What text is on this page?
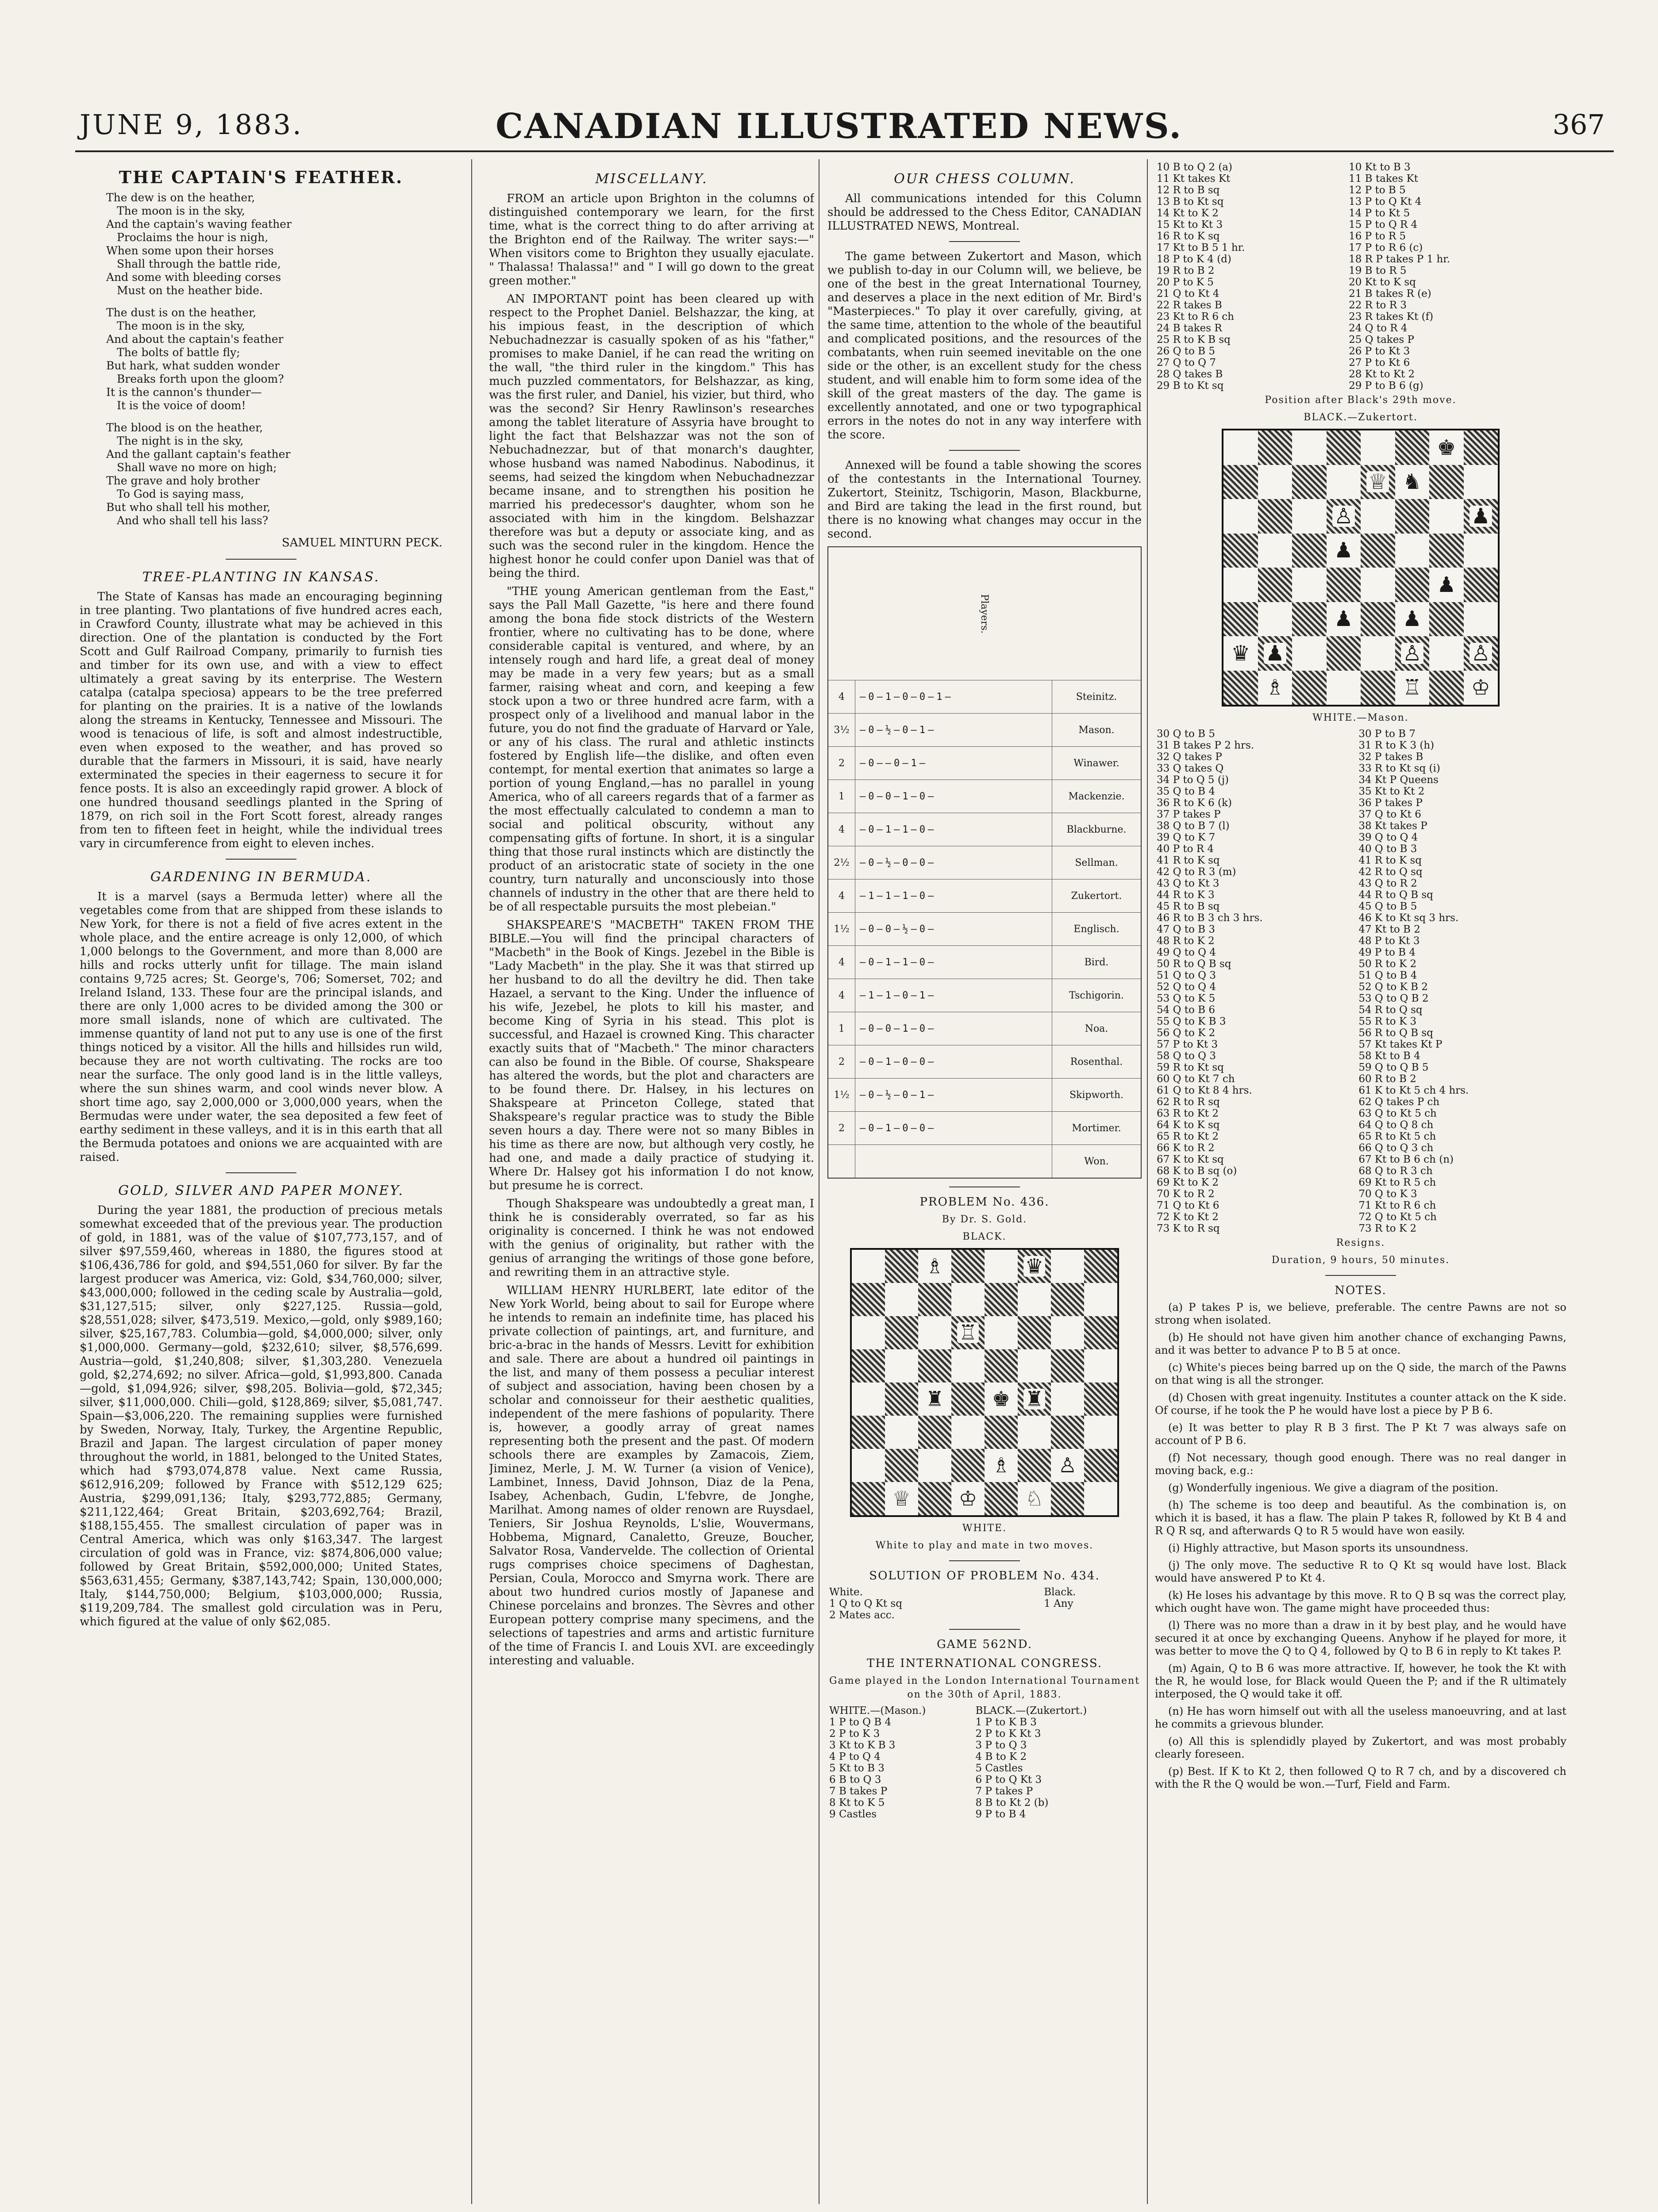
JUNE 9, 1883.	CANADIAN ILLUSTRATED NEWS.	367
THE CAPTAIN'S FEATHER.
The dew is on the heather,
The moon is in the sky,
And the captain's waving feather
Proclaims the hour is nigh,
When some upon their horses
Shall through the battle ride,
And some with bleeding corses
Must on the heather bide.
The dust is on the heather,
The moon is in the sky,
And about the captain's feather
The bolts of battle fly;
But hark, what sudden wonder
Breaks forth upon the gloom?
It is the cannon's thunder—
It is the voice of doom!
The blood is on the heather,
The night is in the sky,
And the gallant captain's feather
Shall wave no more on high;
The grave and holy brother
To God is saying mass,
But who shall tell his mother,
And who shall tell his lass?
SAMUEL MINTURN PECK.
TREE-PLANTING IN KANSAS.

The State of Kansas has made an encouraging beginning in tree planting. Two plantations of five hundred acres each, in Crawford County, illustrate what may be achieved in this direction. One of the plantation is conducted by the Fort Scott and Gulf Railroad Company, primarily to furnish ties and timber for its own use, and with a view to effect ultimately a great saving by its enterprise. The Western catalpa (catalpa speciosa) appears to be the tree preferred for planting on the prairies. It is a native of the lowlands along the streams in Kentucky, Tennessee and Missouri. The wood is tenacious of life, is soft and almost indestructible, even when exposed to the weather, and has proved so durable that the farmers in Missouri, it is said, have nearly exterminated the species in their eagerness to secure it for fence posts. It is also an exceedingly rapid grower. A block of one hundred thousand seedlings planted in the Spring of 1879, on rich soil in the Fort Scott forest, already ranges from ten to fifteen feet in height, while the individual trees vary in circumference from eight to eleven inches.

GARDENING IN BERMUDA.

It is a marvel (says a Bermuda letter) where all the vegetables come from that are shipped from these islands to New York, for there is not a field of five acres extent in the whole place, and the entire acreage is only 12,000, of which 1,000 belongs to the Government, and more than 8,000 are hills and rocks utterly unfit for tillage. The main island contains 9,725 acres; St. George's, 706; Somerset, 702; and Ireland Island, 133. These four are the principal islands, and there are only 1,000 acres to be divided among the 300 or more small islands, none of which are cultivated. The immense quantity of land not put to any use is one of the first things noticed by a visitor. All the hills and hillsides run wild, because they are not worth cultivating. The rocks are too near the surface. The only good land is in the little valleys, where the sun shines warm, and cool winds never blow. A short time ago, say 2,000,000 or 3,000,000 years, when the Bermudas were under water, the sea deposited a few feet of earthy sediment in these valleys, and it is in this earth that all the Bermuda potatoes and onions we are acquainted with are raised.

GOLD, SILVER AND PAPER MONEY.

During the year 1881, the production of precious metals somewhat exceeded that of the previous year. The production of gold, in 1881, was of the value of $107,773,157, and of silver $97,559,460, whereas in 1880, the figures stood at $106,436,786 for gold, and $94,551,060 for silver. By far the largest producer was America, viz: Gold, $34,760,000; silver, $43,000,000; followed in the ceding scale by Australia—gold, $31,127,515; silver, only $227,125. Russia—gold, $28,551,028; silver, $473,519. Mexico,—gold, only $989,160; silver, $25,167,783. Columbia—gold, $4,000,000; silver, only $1,000,000. Germany—gold, $232,610; silver, $8,576,699. Austria—gold, $1,240,808; silver, $1,303,280. Venezuela gold, $2,274,692; no silver. Africa—gold, $1,993,800. Canada—gold, $1,094,926; silver, $98,205. Bolivia—gold, $72,345; silver, $11,000,000. Chili—gold, $128,869; silver, $5,081,747. Spain—$3,006,220. The remaining supplies were furnished by Sweden, Norway, Italy, Turkey, the Argentine Republic, Brazil and Japan. The largest circulation of paper money throughout the world, in 1881, belonged to the United States, which had $793,074,878 value. Next came Russia, $612,916,209; followed by France with $512,129 625; Austria, $299,091,136; Italy, $293,772,885; Germany, $211,122,464; Great Britain, $203,692,764; Brazil, $188,155,455. The smallest circulation of paper was in Central America, which was only $163,347. The largest circulation of gold was in France, viz: $874,806,000 value; followed by Great Britain, $592,000,000; United States, $563,631,455; Germany, $387,143,742; Spain, 130,000,000; Italy, $144,750,000; Belgium, $103,000,000; Russia, $119,209,784. The smallest gold circulation was in Peru, which figured at the value of only $62,085.

MISCELLANY.

FROM an article upon Brighton in the columns of distinguished contemporary we learn, for the first time, what is the correct thing to do after arriving at the Brighton end of the Railway. The writer says:—" When visitors come to Brighton they usually ejaculate. " Thalassa! Thalassa!" and " I will go down to the great green mother."

AN IMPORTANT point has been cleared up with respect to the Prophet Daniel. Belshazzar, the king, at his impious feast, in the description of which Nebuchadnezzar is casually spoken of as his "father," promises to make Daniel, if he can read the writing on the wall, "the third ruler in the kingdom." This has much puzzled commentators, for Belshazzar, as king, was the first ruler, and Daniel, his vizier, but third, who was the second? Sir Henry Rawlinson's researches among the tablet literature of Assyria have brought to light the fact that Belshazzar was not the son of Nebuchadnezzar, but of that monarch's daughter, whose husband was named Nabodinus. Nabodinus, it seems, had seized the kingdom when Nebuchadnezzar became insane, and to strengthen his position he married his predecessor's daughter, whom son he associated with him in the kingdom. Belshazzar therefore was but a deputy or associate king, and as such was the second ruler in the kingdom. Hence the highest honor he could confer upon Daniel was that of being the third.

"THE young American gentleman from the East," says the Pall Mall Gazette, "is here and there found among the bona fide stock districts of the Western frontier, where no cultivating has to be done, where considerable capital is ventured, and where, by an intensely rough and hard life, a great deal of money may be made in a very few years; but as a small farmer, raising wheat and corn, and keeping a few stock upon a two or three hundred acre farm, with a prospect only of a livelihood and manual labor in the future, you do not find the graduate of Harvard or Yale, or any of his class. The rural and athletic instincts fostered by English life—the dislike, and often even contempt, for mental exertion that animates so large a portion of young England,—has no parallel in young America, who of all careers regards that of a farmer as the most effectually calculated to condemn a man to social and political obscurity, without any compensating gifts of fortune. In short, it is a singular thing that those rural instincts which are distinctly the product of an aristocratic state of society in the one country, turn naturally and unconsciously into those channels of industry in the other that are there held to be of all respectable pursuits the most plebeian."

SHAKSPEARE'S "MACBETH" TAKEN FROM THE BIBLE.—You will find the principal characters of "Macbeth" in the Book of Kings. Jezebel in the Bible is "Lady Macbeth" in the play. She it was that stirred up her husband to do all the deviltry he did. Then take Hazael, a servant to the King. Under the influence of his wife, Jezebel, he plots to kill his master, and become King of Syria in his stead. This plot is successful, and Hazael is crowned King. This character exactly suits that of "Macbeth." The minor characters can also be found in the Bible. Of course, Shakspeare has altered the words, but the plot and characters are to be found there. Dr. Halsey, in his lectures on Shakspeare at Princeton College, stated that Shakspeare's regular practice was to study the Bible seven hours a day. There were not so many Bibles in his time as there are now, but although very costly, he had one, and made a daily practice of studying it. Where Dr. Halsey got his information I do not know, but presume he is correct.

Though Shakspeare was undoubtedly a great man, I think he is considerably overrated, so far as his originality is concerned. I think he was not endowed with the genius of originality, but rather with the genius of arranging the writings of those gone before, and rewriting them in an attractive style.

WILLIAM HENRY HURLBERT, late editor of the New York World, being about to sail for Europe where he intends to remain an indefinite time, has placed his private collection of paintings, art, and furniture, and bric-a-brac in the hands of Messrs. Levitt for exhibition and sale. There are about a hundred oil paintings in the list, and many of them possess a peculiar interest of subject and association, having been chosen by a scholar and connoisseur for their aesthetic qualities, independent of the mere fashions of popularity. There is, however, a goodly array of great names representing both the present and the past. Of modern schools there are examples by Zamacois, Ziem, Jiminez, Merle, J. M. W. Turner (a vision of Venice), Lambinet, Inness, David Johnson, Diaz de la Pena, Isabey, Achenbach, Gudin, L'febvre, de Jonghe, Marilhat. Among names of older renown are Ruysdael, Teniers, Sir Joshua Reynolds, L'slie, Wouvermans, Hobbema, Mignard, Canaletto, Greuze, Boucher, Salvator Rosa, Vandervelde. The collection of Oriental rugs comprises choice specimens of Daghestan, Persian, Coula, Morocco and Smyrna work. There are about two hundred curios mostly of Japanese and Chinese porcelains and bronzes. The Sèvres and other European pottery comprise many specimens, and the selections of tapestries and arms and artistic furniture of the time of Francis I. and Louis XVI. are exceedingly interesting and valuable.

OUR CHESS COLUMN.

All communications intended for this Column should be addressed to the Chess Editor, CANADIAN ILLUSTRATED NEWS, Montreal.

The game between Zukertort and Mason, which we publish to-day in our Column will, we believe, be one of the best in the great International Tourney, and deserves a place in the next edition of Mr. Bird's "Masterpieces." To play it over carefully, giving, at the same time, attention to the whole of the beautiful and complicated positions, and the resources of the combatants, when ruin seemed inevitable on the one side or the other, is an excellent study for the chess student, and will enable him to form some idea of the skill of the great masters of the day. The game is excellently annotated, and one or two typographical errors in the notes do not in any way interfere with the score.

Annexed will be found a table showing the scores of the contestants in the International Tourney. Zukertort, Steinitz, Tschigorin, Mason, Blackburne, and Bird are taking the lead in the first round, but there is no knowing what changes may occur in the second.

Players.
4	—0—1—0—0—1—	Steinitz.
3½	—0—½—0—1—	Mason.
2	—0——0—1—	Winawer.
1	—0—0—1—0—	Mackenzie.
4	—0—1—1—0—	Blackburne.
2½	—0—½—0—0—	Sellman.
4	—1—1—1—0—	Zukertort.
1½	—0—0—½—0—	Englisch.
4	—0—1—1—0—	Bird.
4	—1—1—0—1—	Tschigorin.
1	—0—0—1—0—	Noa.
2	—0—1—0—0—	Rosenthal.
1½	—0—½—0—1—	Skipworth.
2	—0—1—0—0—	Mortimer.
Won.
PROBLEM No. 436.
By Dr. S. Gold.
BLACK.
♗	♛
♖
♜ ♚ ♜
♗ ♙
♕ ♔ ♘
WHITE.
White to play and mate in two moves.
SOLUTION OF PROBLEM No. 434.
White.	Black.
1 Q to Q Kt sq	1 Any
2 Mates acc.	
GAME 562ND.
THE INTERNATIONAL CONGRESS.
Game played in the London International Tournament on the 30th of April, 1883.
WHITE.—(Mason.)	BLACK.—(Zukertort.)
1 P to Q B 4	1 P to K B 3
2 P to K 3	2 P to K Kt 3
3 Kt to K B 3	3 P to Q 3
4 P to Q 4	4 B to K 2
5 Kt to B 3	5 Castles
6 B to Q 3	6 P to Q Kt 3
7 B takes P	7 P takes P
8 Kt to K 5	8 B to Kt 2 (b)
9 Castles	9 P to B 4
10 B to Q 2 (a)	10 Kt to B 3
11 Kt takes Kt	11 B takes Kt
12 R to B sq	12 P to B 5
13 B to Kt sq	13 P to Q Kt 4
14 Kt to K 2	14 P to Kt 5
15 Kt to Kt 3	15 P to Q R 4
16 R to K sq	16 P to R 5
17 Kt to B 5 1 hr.	17 P to R 6 (c)
18 P to K 4 (d)	18 R P takes P 1 hr.
19 R to B 2	19 B to R 5
20 P to K 5	20 Kt to K sq
21 Q to Kt 4	21 B takes R (e)
22 R takes B	22 R to R 3
23 Kt to R 6 ch	23 R takes Kt (f)
24 B takes R	24 Q to R 4
25 R to K B sq	25 Q takes P
26 Q to B 5	26 P to Kt 3
27 Q to Q 7	27 P to Kt 6
28 Q takes B	28 Kt to Kt 2
29 B to Kt sq	29 P to B 6 (g)
Position after Black's 29th move.
BLACK.—Zukertort.
♚
♕ ♞
♙	♟
♟
♟
♟ ♟
♛ ♟	♙ ♙
♗	♖ ♔
WHITE.—Mason.
30 Q to B 5	30 P to B 7
31 B takes P 2 hrs.	31 R to K 3 (h)
32 Q takes P	32 P takes B
33 Q takes Q	33 R to Kt sq (i)
34 P to Q 5 (j)	34 Kt P Queens
35 Q to B 4	35 Kt to Kt 2
36 R to K 6 (k)	36 P takes P
37 P takes P	37 Q to Kt 6
38 Q to B 7 (l)	38 Kt takes P
39 Q to K 7	39 Q to Q 4
40 P to R 4	40 Q to B 3
41 R to K sq	41 R to K sq
42 Q to R 3 (m)	42 R to Q sq
43 Q to Kt 3	43 Q to R 2
44 R to K 3	44 R to Q B sq
45 R to B sq	45 Q to B 5
46 R to B 3 ch 3 hrs.	46 K to Kt sq 3 hrs.
47 Q to B 3	47 Kt to B 2
48 R to K 2	48 P to Kt 3
49 Q to Q 4	49 P to B 4
50 R to Q B sq	50 R to K 2
51 Q to Q 3	51 Q to B 4
52 Q to Q 4	52 Q to K B 2
53 Q to K 5	53 Q to Q B 2
54 Q to B 6	54 R to Q sq
55 Q to K B 3	55 R to K 3
56 Q to K 2	56 R to Q B sq
57 P to Kt 3	57 Kt takes Kt P
58 Q to Q 3	58 Kt to B 4
59 R to Kt sq	59 Q to Q B 5
60 Q to Kt 7 ch	60 R to B 2
61 Q to Kt 8 4 hrs.	61 K to Kt 5 ch 4 hrs.
62 R to R sq	62 Q takes P ch
63 R to Kt 2	63 Q to Kt 5 ch
64 K to K sq	64 Q to Q 8 ch
65 R to Kt 2	65 R to Kt 5 ch
66 K to R 2	66 Q to Q 3 ch
67 K to Kt sq	67 Kt to B 6 ch (n)
68 K to B sq (o)	68 Q to R 3 ch
69 Kt to K 2	69 Kt to R 5 ch
70 K to R 2	70 Q to K 3
71 Q to Kt 6	71 Kt to R 6 ch
72 K to Kt 2	72 Q to Kt 5 ch
73 K to R sq	73 R to K 2
Resigns.
Duration, 9 hours, 50 minutes.
NOTES.

(a) P takes P is, we believe, preferable. The centre Pawns are not so strong when isolated.

(b) He should not have given him another chance of exchanging Pawns, and it was better to advance P to B 5 at once.

(c) White's pieces being barred up on the Q side, the march of the Pawns on that wing is all the stronger.

(d) Chosen with great ingenuity. Institutes a counter attack on the K side. Of course, if he took the P he would have lost a piece by P B 6.

(e) It was better to play R B 3 first. The P Kt 7 was always safe on account of P B 6.

(f) Not necessary, though good enough. There was no real danger in moving back, e.g.:

(g) Wonderfully ingenious. We give a diagram of the position.

(h) The scheme is too deep and beautiful. As the combination is, on which it is based, it has a flaw. The plain P takes R, followed by Kt B 4 and R Q R sq, and afterwards Q to R 5 would have won easily.

(i) Highly attractive, but Mason sports its unsoundness.

(j) The only move. The seductive R to Q Kt sq would have lost. Black would have answered P to Kt 4.

(k) He loses his advantage by this move. R to Q B sq was the correct play, which ought have won. The game might have proceeded thus:

(l) There was no more than a draw in it by best play, and he would have secured it at once by exchanging Queens. Anyhow if he played for more, it was better to move the Q to Q 4, followed by Q to B 6 in reply to Kt takes P.

(m) Again, Q to B 6 was more attractive. If, however, he took the Kt with the R, he would lose, for Black would Queen the P; and if the R ultimately interposed, the Q would take it off.

(n) He has worn himself out with all the useless manoeuvring, and at last he commits a grievous blunder.

(o) All this is splendidly played by Zukertort, and was most probably clearly foreseen.

(p) Best. If K to Kt 2, then followed Q to R 7 ch, and by a discovered ch with the R the Q would be won.—Turf, Field and Farm.
